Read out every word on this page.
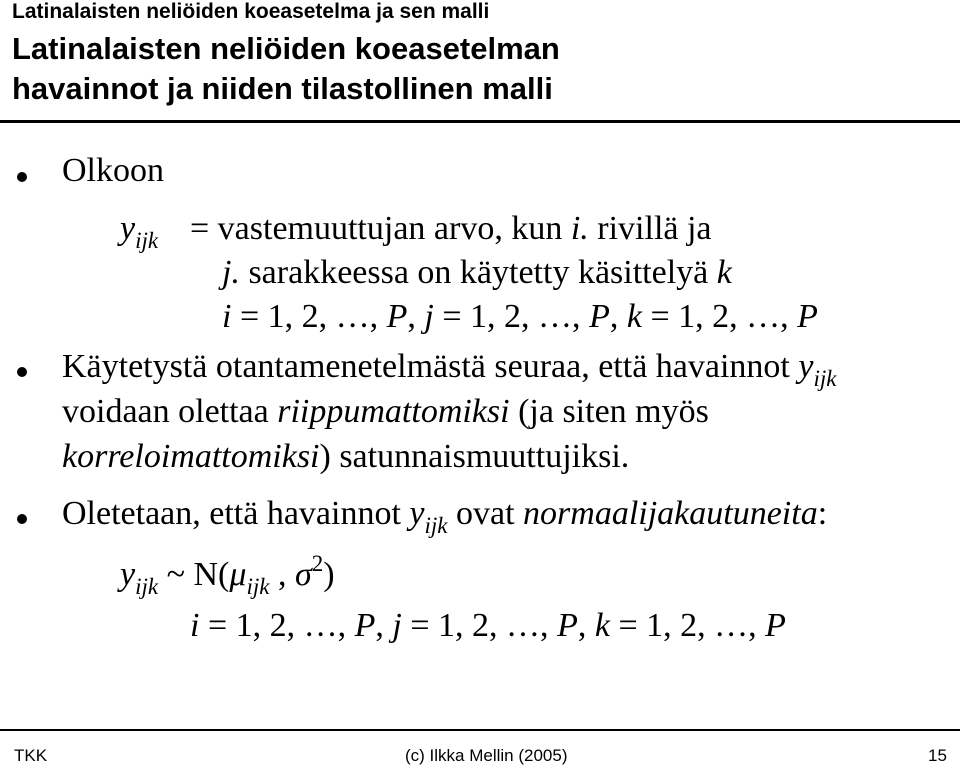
Latinalaisten neliöiden koeasetelma ja sen malli
Latinalaisten neliöiden koeasetelman
havainnot ja niiden tilastollinen malli
Olkoon
$y_{ijk}$ = vastemuuttujan arvo, kun i. rivillä ja
j. sarakkeessa on käytetty käsittelyä k
i = 1, 2, …, P, j = 1, 2, …, P, k = 1, 2, …, P
Käytetystä otantamenetelmästä seuraa, että havainnot $y_{ijk}$
voidaan olettaa riippumattomiksi (ja siten myös
korreloimattomiksi) satunnaismuuttujiksi.
Oletetaan, että havainnot $y_{ijk}$ ovat normaalijakautuneita:
$y_{ijk}$ ~ $N(\mu_{ijk}$ , $\sigma^2$)
i = 1, 2, …, P, j = 1, 2, …, P, k = 1, 2, …, P
TKK	(c) Ilkka Mellin (2005)	15
